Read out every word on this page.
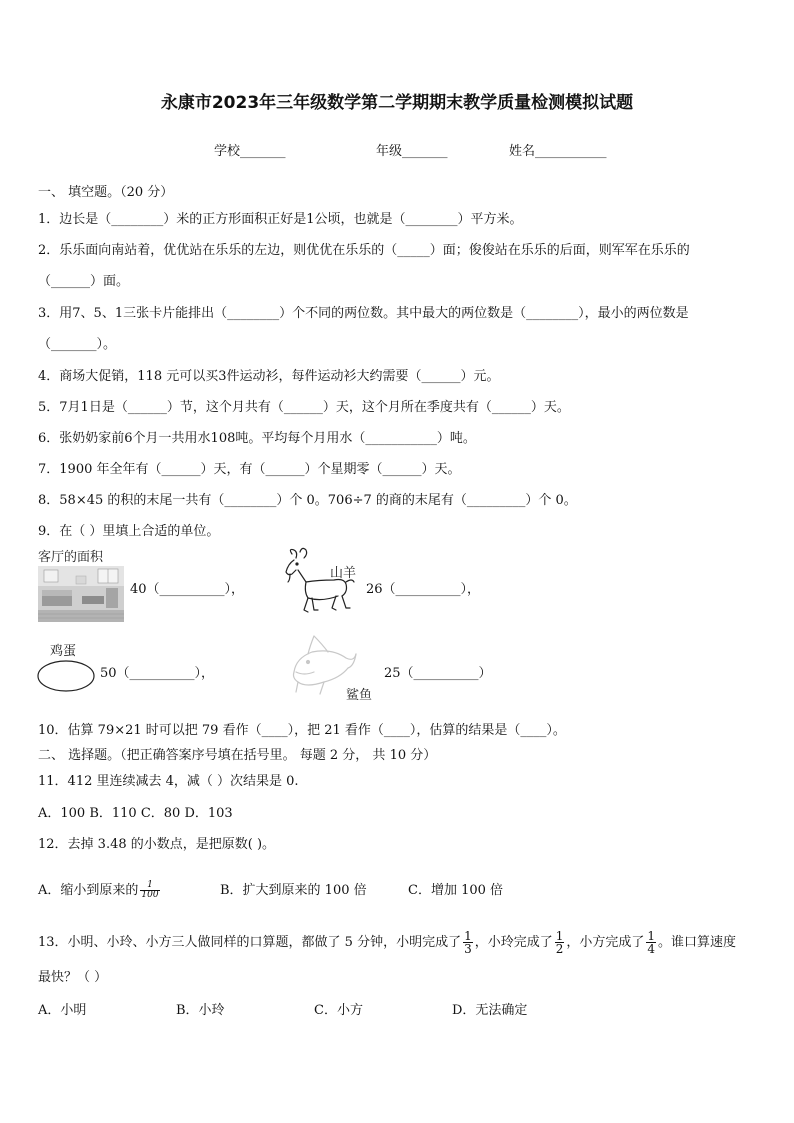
永康市2023年三年级数学第二学期期末教学质量检测模拟试题
学校_______	年级_______	姓名___________
一、 填空题。（20 分）
1．边长是（________）米的正方形面积正好是1公顷，也就是（________）平方米。
2．乐乐面向南站着，优优站在乐乐的左边，则优优在乐乐的（_____）面；俊俊站在乐乐的后面，则军军在乐乐的
（______）面。
3．用7、5、1三张卡片能排出（________）个不同的两位数。其中最大的两位数是（________），最小的两位数是
（_______）。
4．商场大促销，118 元可以买3件运动衫，每件运动衫大约需要（______）元。
5．7月1日是（______）节，这个月共有（______）天，这个月所在季度共有（______）天。
6．张奶奶家前6个月一共用水108吨。平均每个月用水（___________）吨。
7．1900 年全年有（______）天，有（______）个星期零（______）天。
8．58×45 的积的末尾一共有（________）个 0。706÷7 的商的末尾有（_________）个 0。
9．在（ ）里填上合适的单位。
客厅的面积
40（__________），
山羊
26（__________），
鸡蛋
50（__________），
鲨鱼
25（__________）
10．估算 79×21 时可以把 79 看作（____），把 21 看作（____），估算的结果是（____）。
二、 选择题。（把正确答案序号填在括号里。 每题 2 分， 共 10 分）
11．412 里连续减去 4，减（ ）次结果是 0.
A．100 B．110 C．80 D．103
12．去掉 3.48 的小数点，是把原数( )。
A．缩小到原来的 $\frac{1}{100}$	B．扩大到原来的 100 倍	C．增加 100 倍
13．小明、小玲、小方三人做同样的口算题，都做了 5 分钟，小明完成了 $\frac{1}{3}$ ，小玲完成了 $\frac{1}{2}$ ，小方完成了 $\frac{1}{4}$ 。谁口算速度
最快？（ ）
A．小明	B．小玲	C．小方	D．无法确定
